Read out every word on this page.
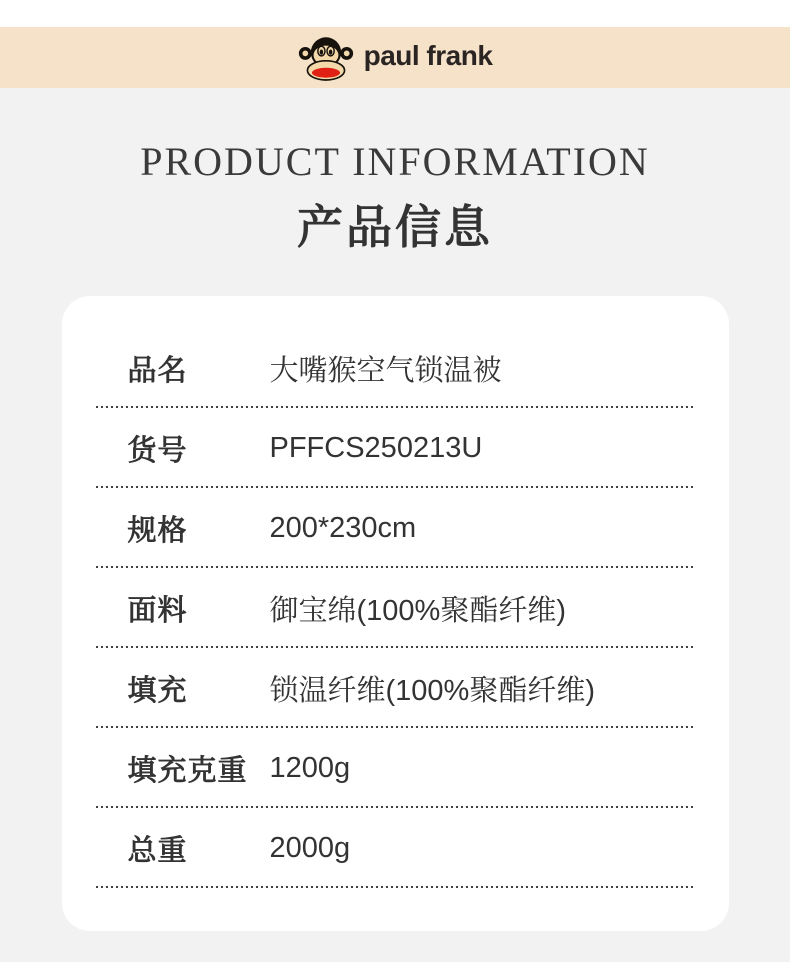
paul frank
PRODUCT INFORMATION
产品信息
品名	大嘴猴空气锁温被
货号	PFFCS250213U
规格	200*230cm
面料	御宝绵(100%聚酯纤维)
填充	锁温纤维(100%聚酯纤维)
填充克重 1200g
总重	2000g
